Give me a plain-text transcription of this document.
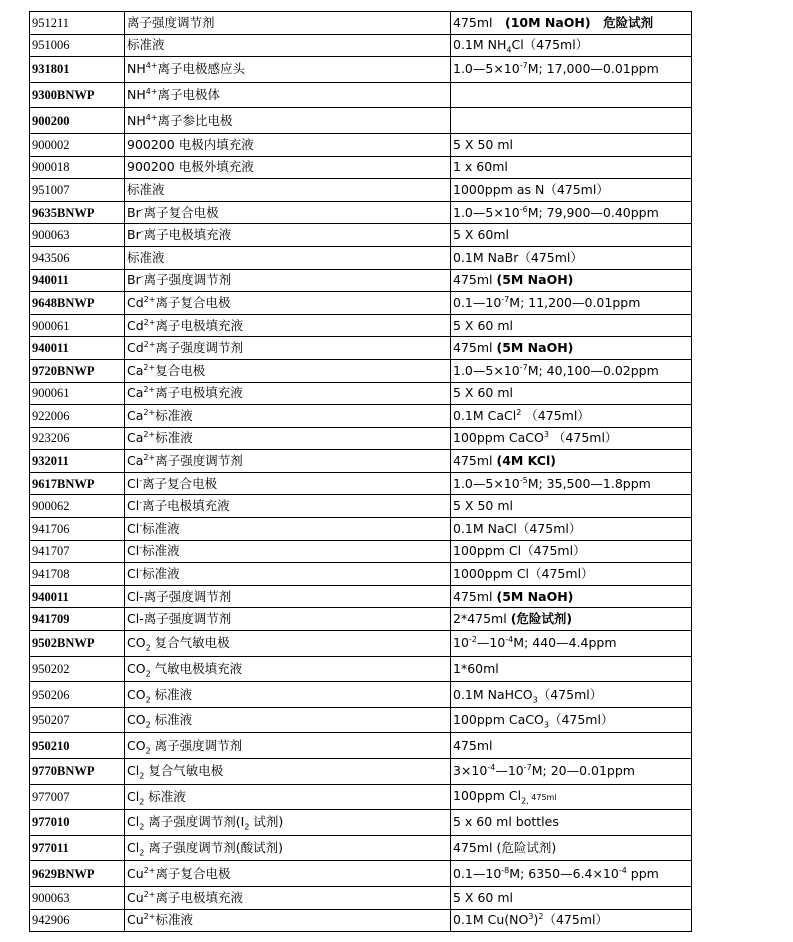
951211	离子强度调节剂	475ml　(10M NaOH)　危险试剂
951006	标准液	0.1M $NH_4Cl(475ml)$
931801	$NH^{4+}$离子电极感应头	$1.0—5\times 10^{-7}M$; 17,000—0.01ppm
9300BNWP	$NH^{4+}$离子电极体	
900200	$NH^{4+}$离子参比电极	
900002	900200 电极内填充液	5 X 50 ml
900018	900200 电极外填充液	1 x 60ml
951007	标准液	1000ppm as N（475ml）
9635BNWP	Br-离子复合电极	$1.0—5\times 10^{-6}M$; 79,900—0.40ppm
900063	Br-离子电极填充液	5 X 60ml
943506	标准液	0.1M NaBr（475ml）
940011	Br-离子强度调节剂	475ml (5M NaOH)
9648BNWP	$Cd^{2+}$离子复合电极	$0.1—10^{-7}M$; 11,200—0.01ppm
900061	$Cd^{2+}$离子电极填充液	5 X 60 ml
940011	$Cd^{2+}$离子强度调节剂	475ml (5M NaOH)
9720BNWP	$Ca^{2+}$复合电极	$1.0—5\times 10^{-7}M$; 40,100—0.02ppm
900061	$Ca^{2+}$离子电极填充液	5 X 60 ml
922006	$Ca^{2+}$标准液	0.1M CaCl$^2$ （475ml）
923206	$Ca^{2+}$标准液	100ppm CaCO$^3$ （475ml）
932011	$Ca^{2+}$离子强度调节剂	475ml (4M KCl)
9617BNWP	Cl-离子复合电极	$1.0—5\times 10^{-5}M$; 35,500—1.8ppm
900062	Cl-离子电极填充液	5 X 50 ml
941706	Cl-标准液	0.1M NaCl（475ml）
941707	Cl-标准液	100ppm Cl（475ml）
941708	Cl-标准液	1000ppm Cl（475ml）
940011	Cl-离子强度调节剂	475ml (5M NaOH)
941709	Cl-离子强度调节剂	2*475ml (危险试剂)
9502BNWP	$CO_2$ 复合气敏电极	$10^{-2}—10^{-4}M$; 440—4.4ppm
950202	$CO_2$ 气敏电极填充液	1*60ml
950206	$CO_2$ 标准液	0.1M NaHCO$_3$（475ml）
950207	$CO_2$ 标准液	100ppm CaCO$_3$（475ml）
950210	$CO_2$ 离子强度调节剂	475ml
9770BNWP	$Cl_2$ 复合气敏电极	$3\times 10^{-4}—10^{-7}M$; 20—0.01ppm
977007	$Cl_2$ 标准液	100ppm $Cl_{2,}$ 475ml
977010	$Cl_2$ 离子强度调节剂($I_2$ 试剂)	5 x 60 ml bottles
977011	$Cl_2$ 离子强度调节剂(酸试剂)	475ml (危险试剂)
9629BNWP	$Cu^{2+}$离子复合电极	$0.1—10^{-8}M$; $6350—6.4\times 10^{-4}$ ppm
900063	$Cu^{2+}$离子电极填充液	5 X 60 ml
942906	$Cu^{2+}$标准液	0.1M $Cu(NO^3)^2(475ml)$
